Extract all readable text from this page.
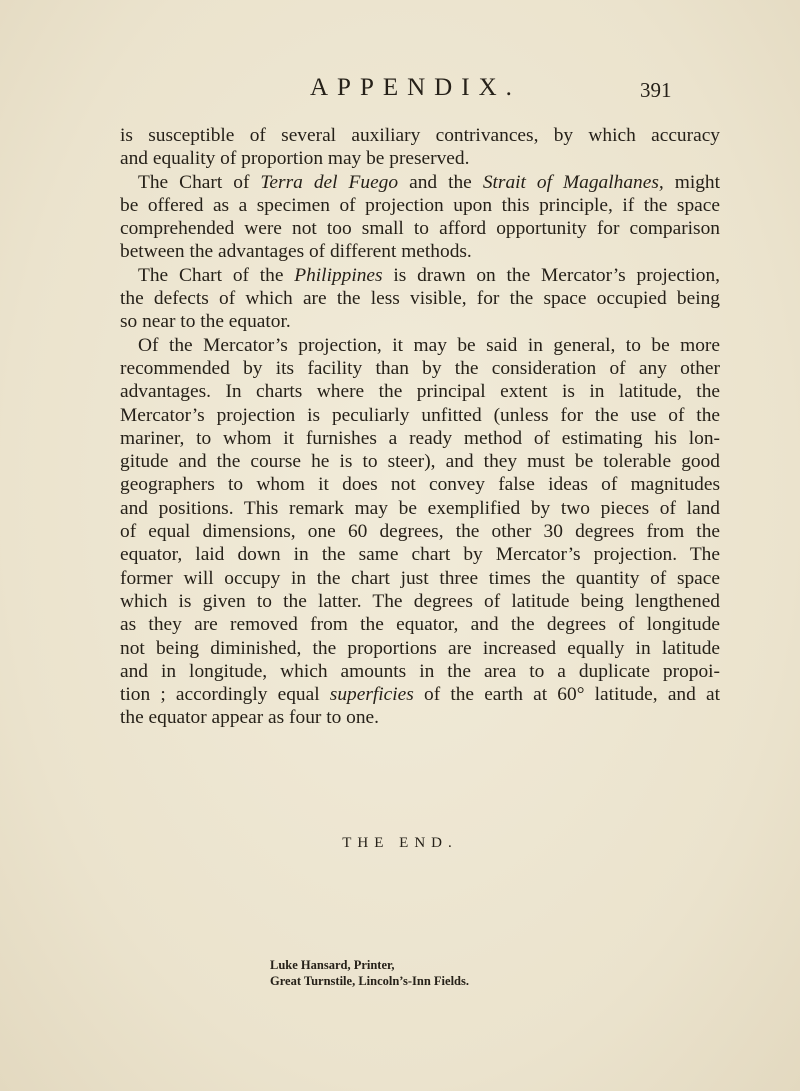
APPENDIX.	391
is susceptible of several auxiliary contrivances, by which accuracy
and equality of proportion may be preserved.
The Chart of Terra del Fuego and the Strait of Magalhanes, might
be offered as a specimen of projection upon this principle, if the space
comprehended were not too small to afford opportunity for comparison
between the advantages of different methods.
The Chart of the Philippines is drawn on the Mercator’s projection,
the defects of which are the less visible, for the space occupied being
so near to the equator.
Of the Mercator’s projection, it may be said in general, to be more
recommended by its facility than by the consideration of any other
advantages. In charts where the principal extent is in latitude, the
Mercator’s projection is peculiarly unfitted (unless for the use of the
mariner, to whom it furnishes a ready method of estimating his lon-
gitude and the course he is to steer), and they must be tolerable good
geographers to whom it does not convey false ideas of magnitudes
and positions. This remark may be exemplified by two pieces of land
of equal dimensions, one 60 degrees, the other 30 degrees from the
equator, laid down in the same chart by Mercator’s projection. The
former will occupy in the chart just three times the quantity of space
which is given to the latter. The degrees of latitude being lengthened
as they are removed from the equator, and the degrees of longitude
not being diminished, the proportions are increased equally in latitude
and in longitude, which amounts in the area to a duplicate propoi-
tion ; accordingly equal superficies of the earth at 60° latitude, and at
the equator appear as four to one.
THE END.
Luke Hansard, Printer,
Great Turnstile, Lincoln’s-Inn Fields.
